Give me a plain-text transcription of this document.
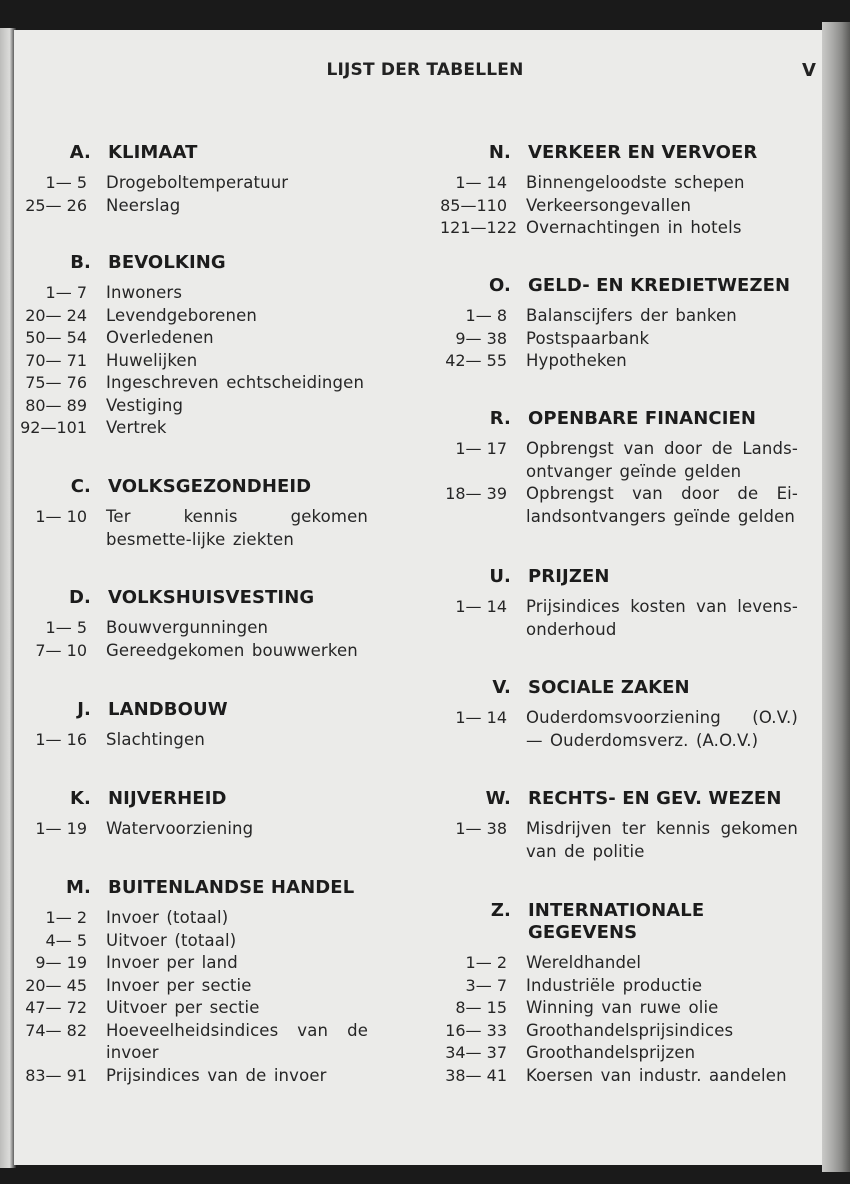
LIJST DER TABELLEN	V
A. KLIMAAT
1— 5	Drogeboltemperatuur
25— 26	Neerslag
B. BEVOLKING
1— 7	Inwoners
20— 24	Levendgeborenen
50— 54	Overledenen
70— 71	Huwelijken
75— 76	Ingeschreven echtscheidingen
80— 89	Vestiging
92—101	Vertrek
C. VOLKSGEZONDHEID
1— 10	Ter kennis gekomen besmette-lijke ziekten
D. VOLKSHUISVESTING
1— 5	Bouwvergunningen
7— 10	Gereedgekomen bouwwerken
J. LANDBOUW
1— 16	Slachtingen
K. NIJVERHEID
1— 19	Watervoorziening
M. BUITENLANDSE HANDEL
1— 2	Invoer (totaal)
4— 5	Uitvoer (totaal)
9— 19	Invoer per land
20— 45	Invoer per sectie
47— 72	Uitvoer per sectie
74— 82	Hoeveelheidsindices van de invoer
83— 91	Prijsindices van de invoer
N. VERKEER EN VERVOER
1— 14	Binnengeloodste schepen
85—110	Verkeersongevallen
121—122 Overnachtingen in hotels
O. GELD- EN KREDIETWEZEN
1— 8	Balanscijfers der banken
9— 38	Postspaarbank
42— 55	Hypotheken
R. OPENBARE FINANCIEN
1— 17	Opbrengst van door de Lands-ontvanger geïnde gelden
18— 39	Opbrengst van door de Ei-landsontvangers geïnde gelden
U. PRIJZEN
1— 14	Prijsindices kosten van levens-onderhoud
V. SOCIALE ZAKEN
1— 14	Ouderdomsvoorziening (O.V.) — Ouderdomsverz. (A.O.V.)
W. RECHTS- EN GEV. WEZEN
1— 38	Misdrijven ter kennis gekomen van de politie
Z. INTERNATIONALE GEGEVENS
1— 2	Wereldhandel
3— 7	Industriële productie
8— 15	Winning van ruwe olie
16— 33	Groothandelsprijsindices
34— 37	Groothandelsprijzen
38— 41	Koersen van industr. aandelen
